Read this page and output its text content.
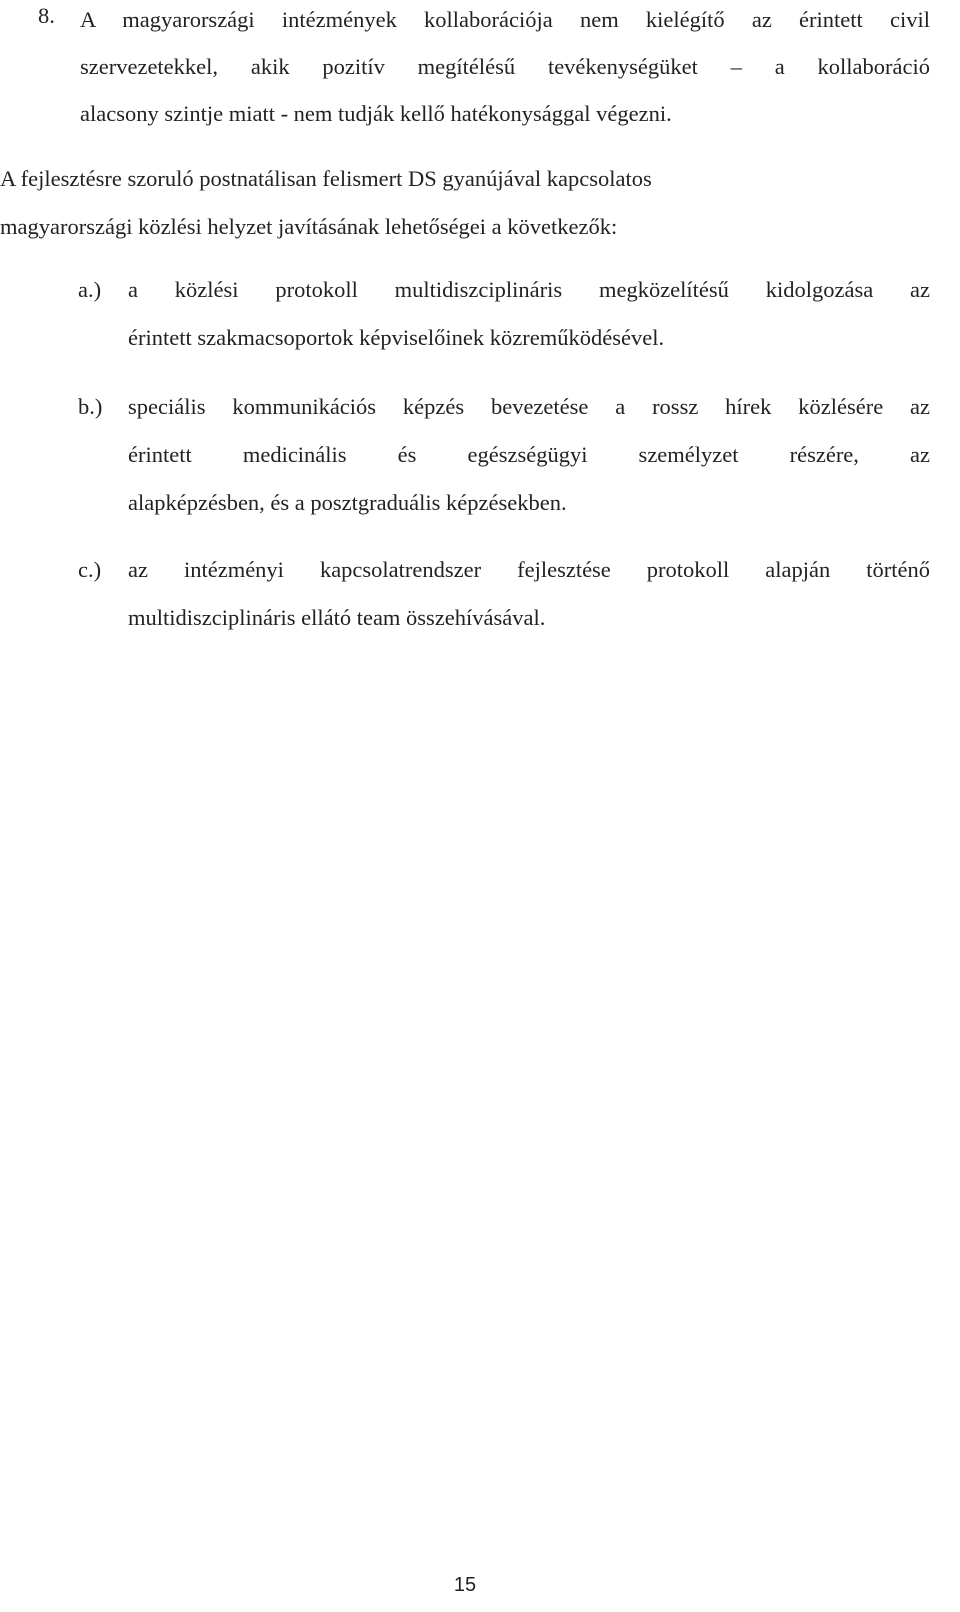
8. A magyarországi intézmények kollaborációja nem kielégítő az érintett civil
szervezetekkel, akik pozitív megítélésű tevékenységüket – a kollaboráció
alacsony szintje miatt - nem tudják kellő hatékonysággal végezni.
A fejlesztésre szoruló postnatálisan felismert DS gyanújával kapcsolatos
magyarországi közlési helyzet javításának lehetőségei a következők:
a.) a közlési protokoll multidiszciplináris megközelítésű kidolgozása az
érintett szakmacsoportok képviselőinek közreműködésével.
b.) speciális kommunikációs képzés bevezetése a rossz hírek közlésére az
érintett medicinális és egészségügyi személyzet részére, az
alapképzésben, és a posztgraduális képzésekben.
c.) az intézményi kapcsolatrendszer fejlesztése protokoll alapján történő
multidiszciplináris ellátó team összehívásával.
15
